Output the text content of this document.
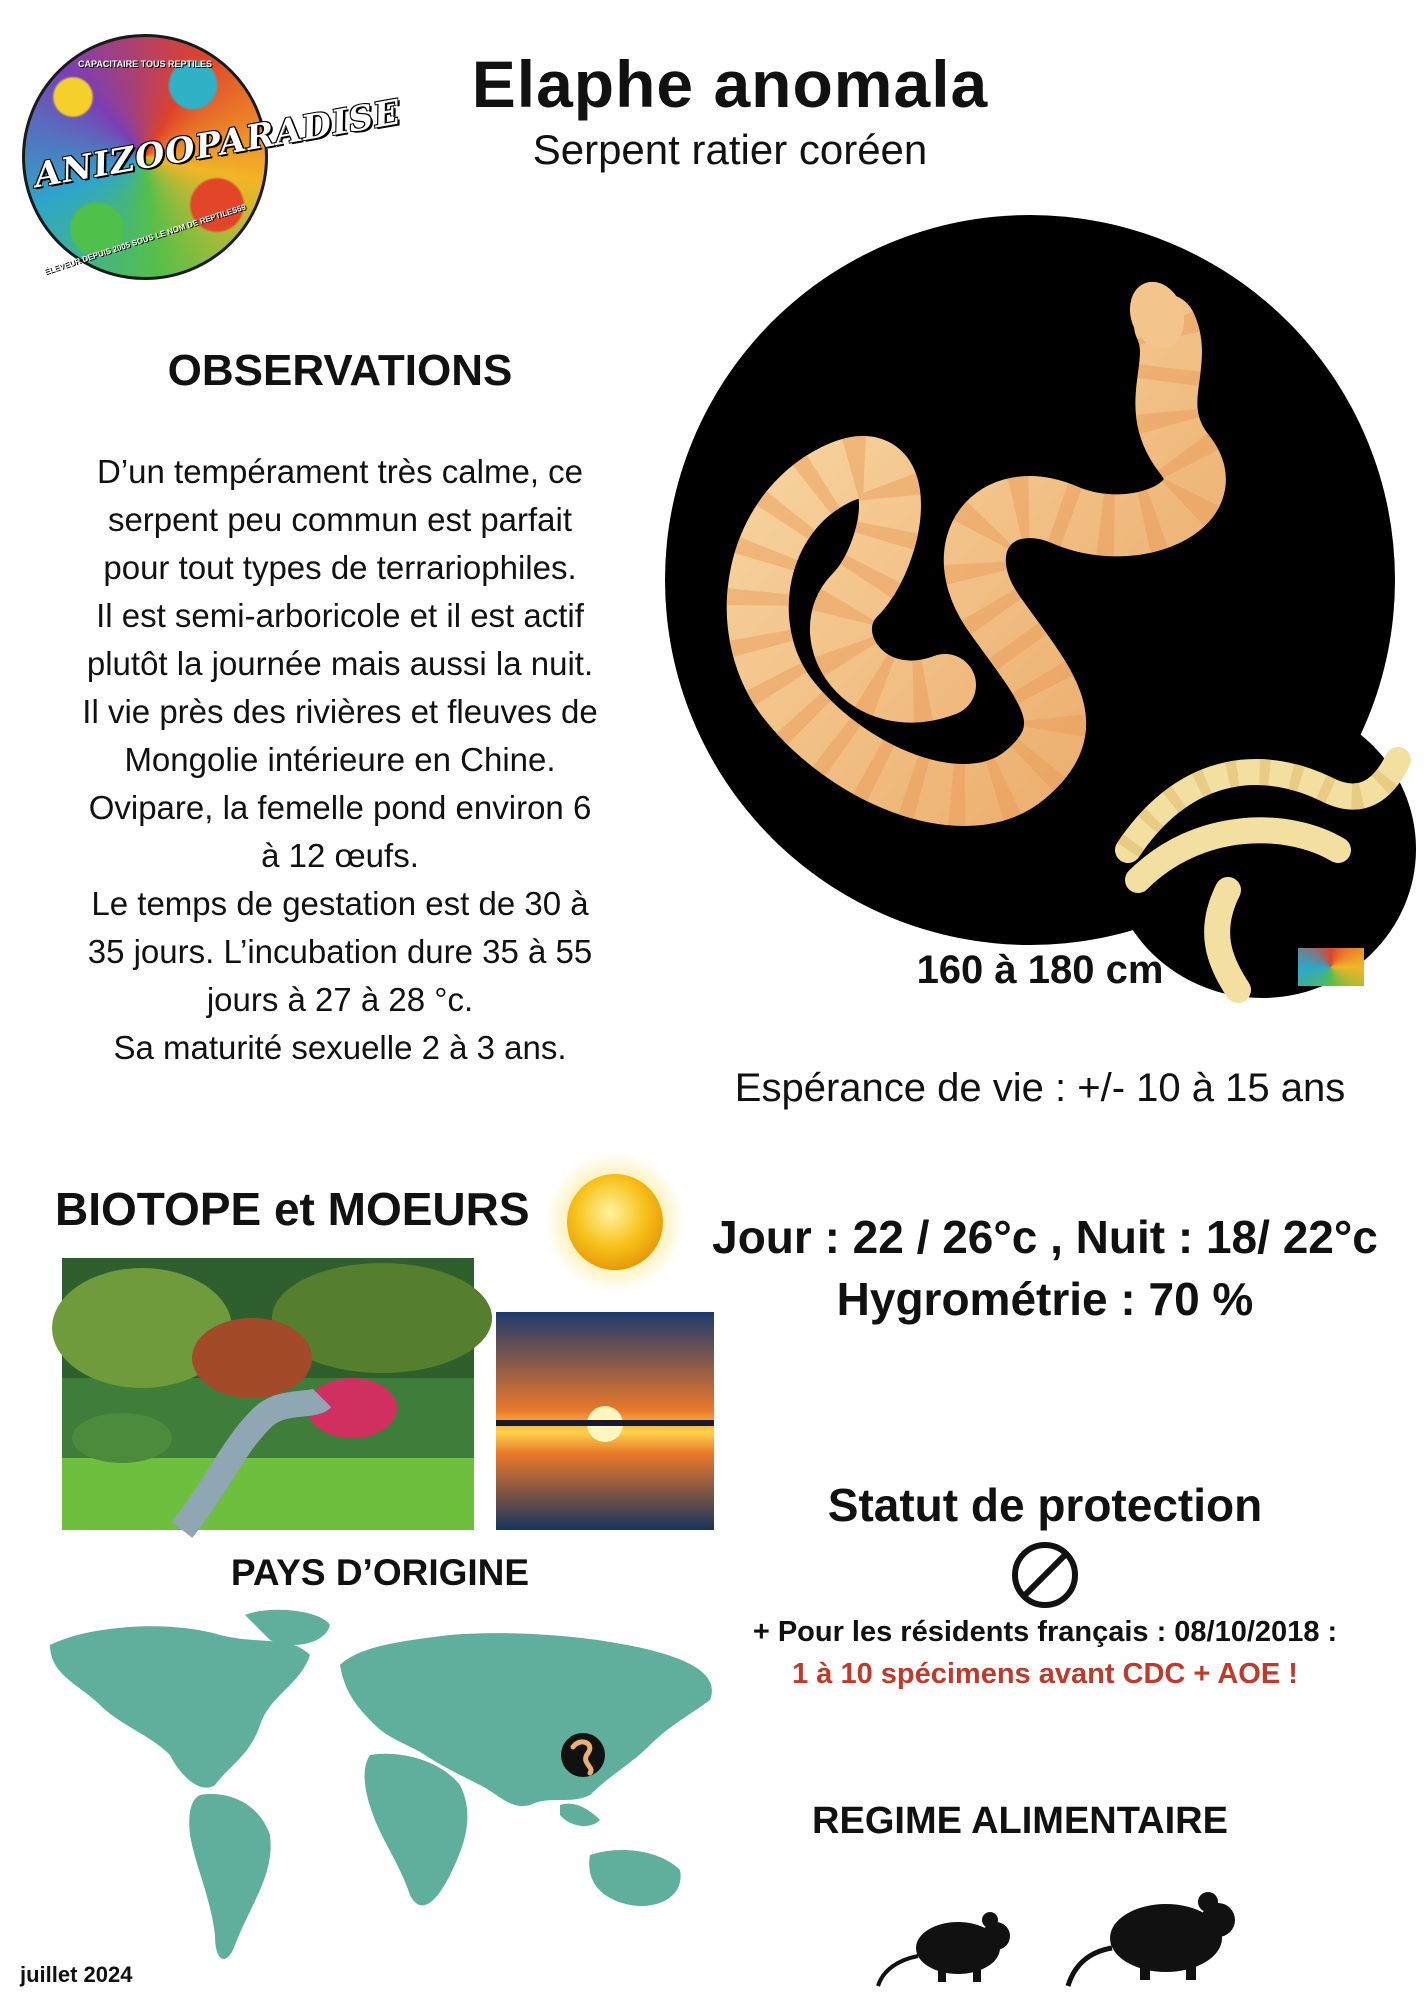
CAPACITAIRE TOUS REPTILES
ANIZOOPARADISE
ÉLEVEUR DEPUIS 2005 SOUS LE NOM DE REPTILES59
Elaphe anomala
Serpent ratier coréen
OBSERVATIONS
D’un tempérament très calme, ce
serpent peu commun est parfait
pour tout types de terrariophiles.
Il est semi-arboricole et il est actif
plutôt la journée mais aussi la nuit.
Il vie près des rivières et fleuves de
Mongolie intérieure en Chine.
Ovipare, la femelle pond environ 6
à 12 œufs.
Le temps de gestation est de 30 à
35 jours. L’incubation dure 35 à 55
jours à 27 à 28 °c.
Sa maturité sexuelle 2 à 3 ans.
160 à 180 cm
Espérance de vie : +/- 10 à 15 ans
BIOTOPE et MOEURS
Jour : 22 / 26°c , Nuit : 18/ 22°c
Hygrométrie : 70 %
PAYS D’ORIGINE
Statut de protection
+ Pour les résidents français : 08/10/2018 :
1 à 10 spécimens avant CDC + AOE !
REGIME ALIMENTAIRE
juillet 2024
